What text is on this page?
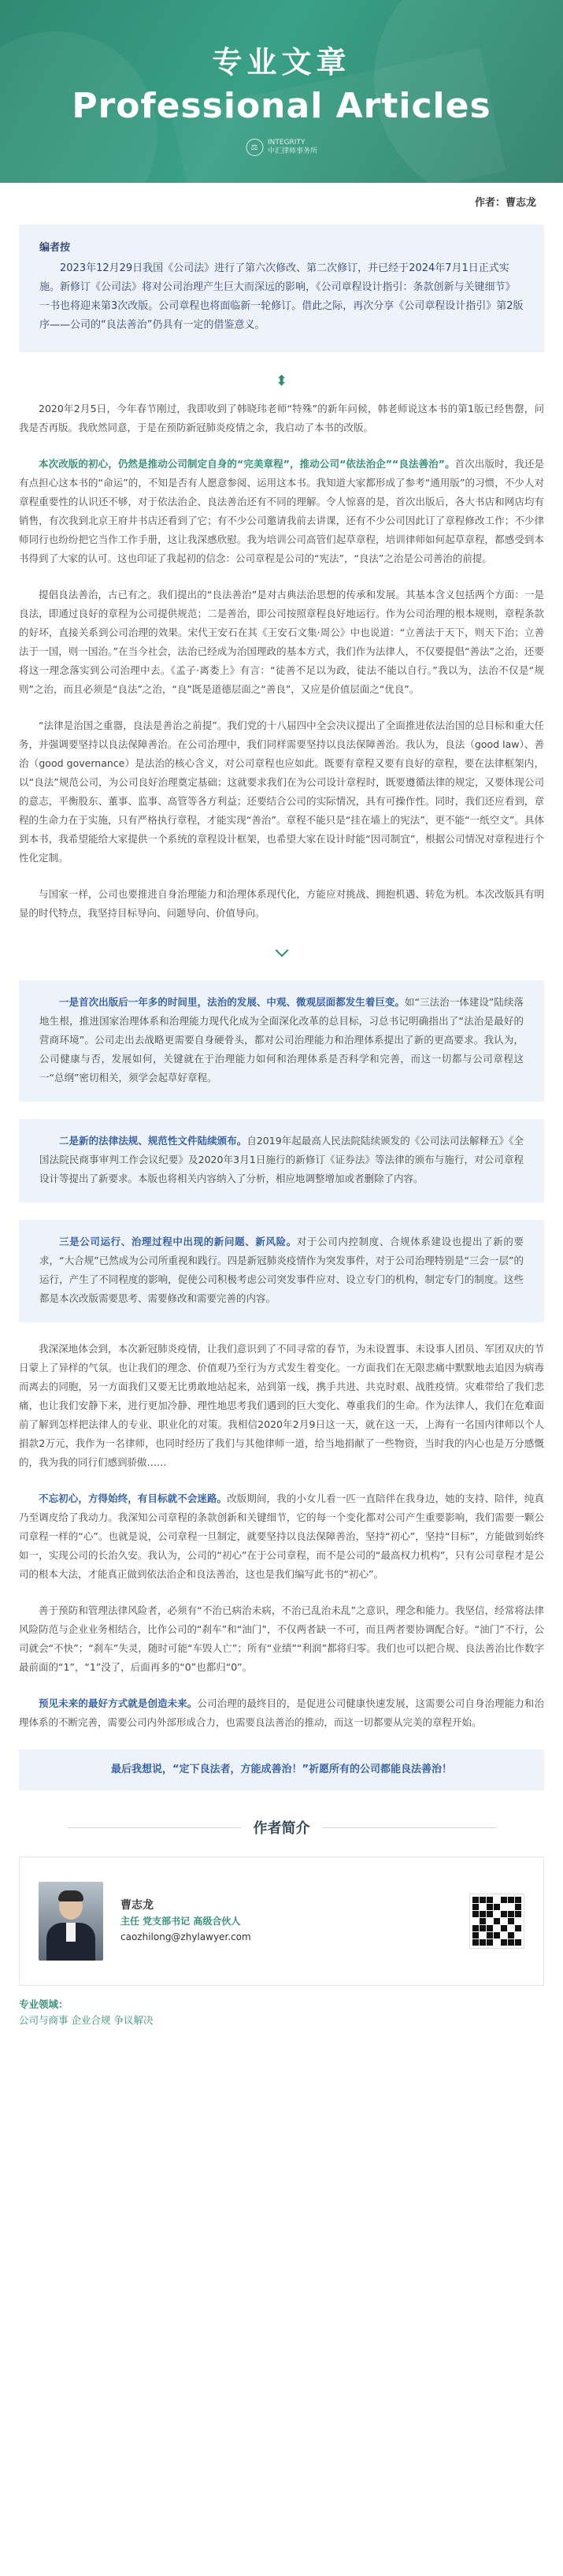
专业文章
Professional Articles
⚖
INTEGRITY
中汇律师事务所
作者：曹志龙
编者按

2023年12月29日我国《公司法》进行了第六次修改、第二次修订，并已经于2024年7月1日正式实施。新修订《公司法》将对公司治理产生巨大而深远的影响，《公司章程设计指引：条款创新与关键细节》一书也将迎来第3次改版。公司章程也将面临新一轮修订。借此之际，再次分享《公司章程设计指引》第2版序——公司的“良法善治”仍具有一定的借鉴意义。

⬍

2020年2月5日，今年春节刚过，我即收到了韩晓玮老师“特殊”的新年问候，韩老师说这本书的第1版已经售罄，问我是否再版。我欣然同意，于是在预防新冠肺炎疫情之余，我启动了本书的改版。

本次改版的初心，仍然是推动公司制定自身的“完美章程”，推动公司“依法治企”“良法善治”。首次出版时，我还是有点担心这本书的“命运”的，不知是否有人愿意参阅、运用这本书。我知道大家都形成了参考“通用版”的习惯，不少人对章程重要性的认识还不够，对于依法治企、良法善治还有不同的理解。令人惊喜的是，首次出版后，各大书店和网店均有销售，有次我到北京王府井书店还看到了它；有不少公司邀请我前去讲课，还有不少公司因此订了章程修改工作；不少律师同行也纷纷把它当作工作手册，这让我深感欣慰。我为培训公司高管们起草章程，培训律师如何起草章程，都感受到本书得到了大家的认可。这也印证了我起初的信念：公司章程是公司的“宪法”，“良法”之治是公司善治的前提。

提倡良法善治，古已有之。我们提出的“良法善治”是对古典法治思想的传承和发展。其基本含义包括两个方面：一是良法，即通过良好的章程为公司提供规范；二是善治，即公司按照章程良好地运行。作为公司治理的根本规则，章程条款的好坏，直接关系到公司治理的效果。宋代王安石在其《王安石文集·周公》中也说道：“立善法于天下，则天下治；立善法于一国，则一国治。”在当今社会，法治已经成为治国理政的基本方式，我们作为法律人，不仅要提倡“善法”之治，还要将这一理念落实到公司治理中去。《孟子·离娄上》有言：“徒善不足以为政，徒法不能以自行。”我以为，法治不仅是“规则”之治，而且必须是“良法”之治，“良”既是道德层面之“善良”，又应是价值层面之“优良”。

“法律是治国之重器，良法是善治之前提”。我们党的十八届四中全会决议提出了全面推进依法治国的总目标和重大任务，并强调要坚持以良法保障善治。在公司治理中，我们同样需要坚持以良法保障善治。我认为，良法（good law）、善治（good governance）是法治的核心含义，对公司章程也应如此。既要有章程又要有良好的章程，要在法律框架内，以“良法”规范公司，为公司良好治理奠定基础；这就要求我们在为公司设计章程时，既要遵循法律的规定，又要体现公司的意志，平衡股东、董事、监事、高管等各方利益；还要结合公司的实际情况，具有可操作性。同时，我们还应看到，章程的生命力在于实施，只有严格执行章程，才能实现“善治”。章程不能只是“挂在墙上的宪法”，更不能“一纸空文”。具体到本书，我希望能给大家提供一个系统的章程设计框架，也希望大家在设计时能“因司制宜”，根据公司情况对章程进行个性化定制。

与国家一样，公司也要推进自身治理能力和治理体系现代化，方能应对挑战、拥抱机遇、转危为机。本次改版具有明显的时代特点，我坚持目标导向、问题导向、价值导向。

一是首次出版后一年多的时间里，法治的发展、中观、微观层面都发生着巨变。如“三法治一体建设”陆续落地生根，推进国家治理体系和治理能力现代化成为全面深化改革的总目标，习总书记明确指出了“法治是最好的营商环境”。公司走出去战略更需要自身硬骨头，都对公司治理能力和治理体系提出了新的更高要求。我认为，公司健康与否，发展如何，关键就在于治理能力如何和治理体系是否科学和完善，而这一切都与公司章程这一“总纲”密切相关，须学会起草好章程。

二是新的法律法规、规范性文件陆续颁布。自2019年起最高人民法院陆续颁发的《公司法司法解释五》《全国法院民商事审判工作会议纪要》及2020年3月1日施行的新修订《证券法》等法律的颁布与施行，对公司章程设计等提出了新要求。本版也将相关内容纳入了分析，相应地调整增加或者删除了内容。

三是公司运行、治理过程中出现的新问题、新风险。对于公司内控制度、合规体系建设也提出了新的要求，“大合规”已然成为公司所重视和践行。四是新冠肺炎疫情作为突发事件，对于公司治理特别是“三会一层”的运行，产生了不同程度的影响，促使公司积极考虑公司突发事件应对、设立专门的机构，制定专门的制度。这些都是本次改版需要思考、需要修改和需要完善的内容。

我深深地体会到，本次新冠肺炎疫情，让我们意识到了不同寻常的春节，为未设置事、未设事人团员、军团双庆的节日蒙上了异样的气氛。也让我们的理念、价值观乃至行为方式发生着变化。一方面我们在无限悲痛中默默地去追因为病毒而离去的同胞，另一方面我们又要无比勇敢地站起来，站到第一线，携手共进、共克时艰、战胜疫情。灾难带给了我们悲痛，也让我们安静下来，进行更加冷静、理性地思考我们遇到的巨大变化、尊重我们的生命。作为法律人，我们在危难面前了解到怎样把法律人的专业、职业化的对策。我相信2020年2月9日这一天，就在这一天，上海有一名国内律师以个人捐款2万元，我作为一名律师，也同时经历了我们与其他律师一道，给当地捐献了一些物资，当时我的内心也是万分感慨的，我为我的同行们感到骄傲……

不忘初心，方得始终，有目标就不会迷路。改版期间，我的小女儿看一匹一直陪伴在我身边，她的支持、陪伴，纯真乃至调皮给了我动力。我深知公司章程的条款创新和关键细节，它的每一个变化都对公司产生重要影响，我们需要一颗公司章程一样的“心”。也就是说，公司章程一旦制定，就要坚持以良法保障善治，坚持“初心”，坚持“目标”，方能做到始终如一，实现公司的长治久安。我认为，公司的“初心”在于公司章程，而不是公司的“最高权力机构”，只有公司章程才是公司的根本大法，才能真正做到依法治企和良法善治，这也是我们编写此书的“初心”。

善于预防和管理法律风险者，必须有“不治已病治未病，不治已乱治未乱”之意识，理念和能力。我坚信，经常将法律风险防范与企业业务相结合，比作公司的“刹车”和“油门”，不仅两者缺一不可，而且两者要协调配合好。“油门”不行，公司就会“不快”；“刹车”失灵，随时可能“车毁人亡”；所有“业绩”“利润”都将归零。我们也可以把合规、良法善治比作数字最前面的“1”，“1”没了，后面再多的“0”也都归“0”。

预见未来的最好方式就是创造未来。公司治理的最终目的，是促进公司健康快速发展，这需要公司自身治理能力和治理体系的不断完善，需要公司内外部形成合力，也需要良法善治的推动，而这一切都要从完美的章程开始。

最后我想说，“定下良法者，方能成善治！”祈愿所有的公司都能良法善治！
作者简介
曹志龙
主任 党支部书记 高级合伙人
caozhilong@zhylawyer.com
专业领域：
公司与商事 企业合规 争议解决
